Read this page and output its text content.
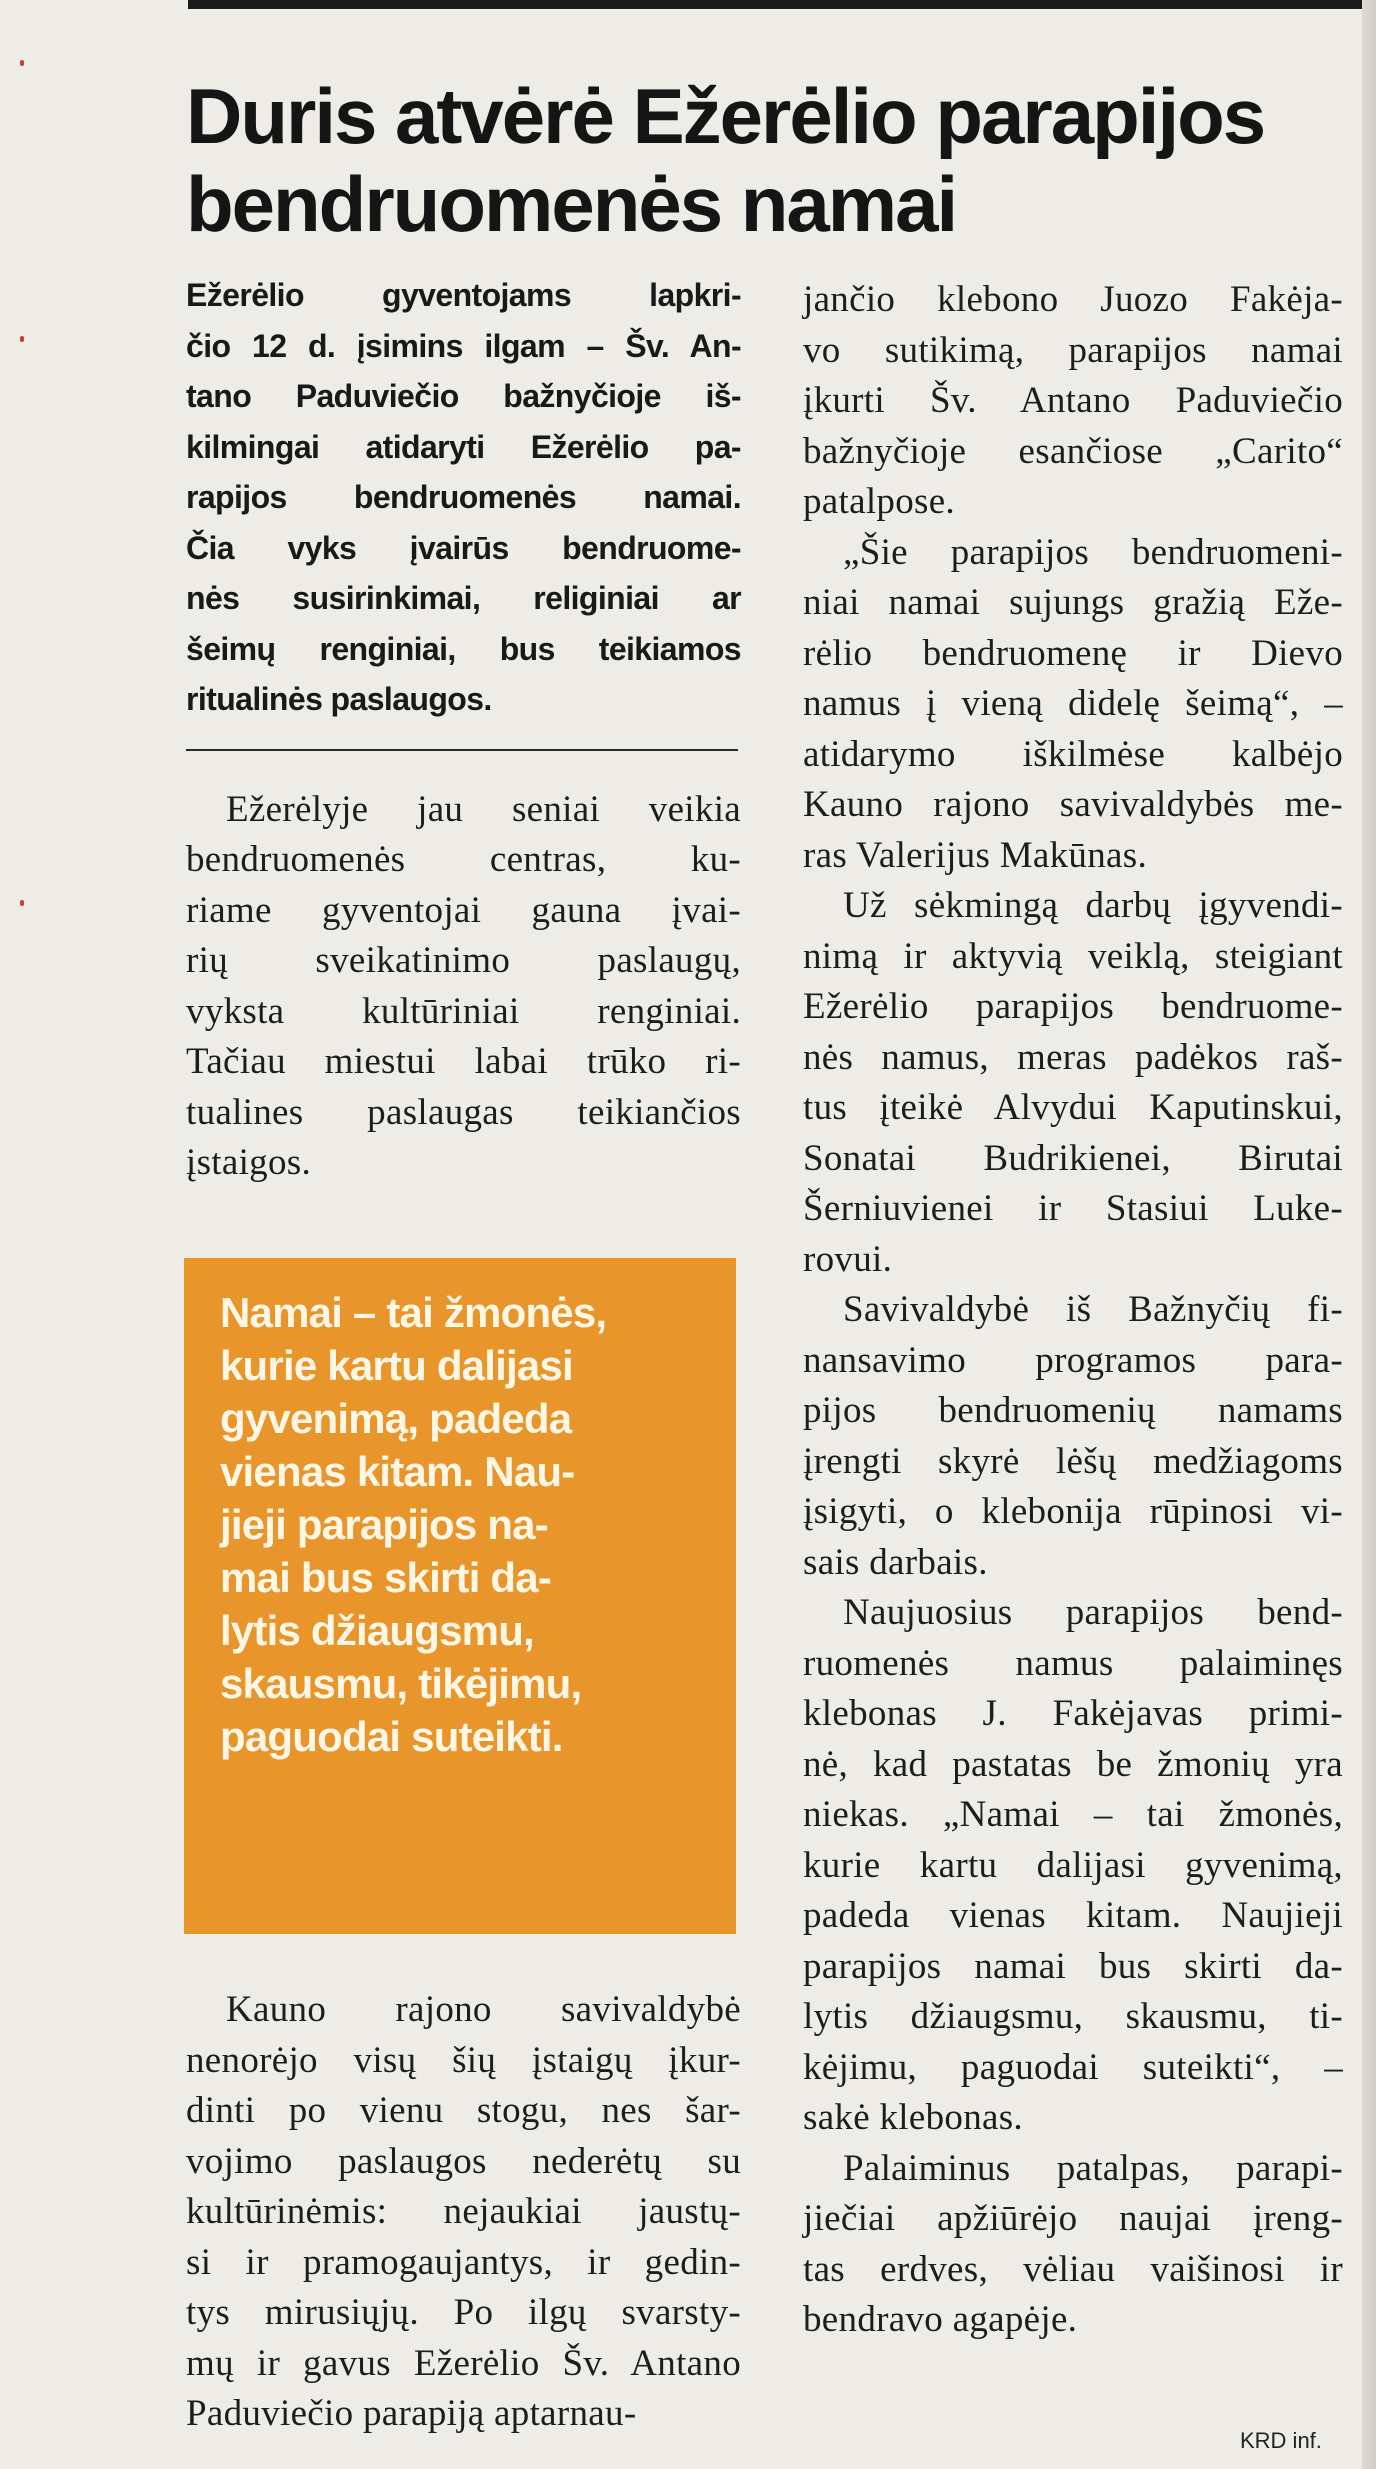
Duris atvėrė Ežerėlio parapijos
bendruomenės namai
Ežerėlio gyventojams lapkri-
čio 12 d. įsimins ilgam – Šv. An-
tano Paduviečio bažnyčioje iš-
kilmingai atidaryti Ežerėlio pa-
rapijos bendruomenės namai.
Čia vyks įvairūs bendruome-
nės susirinkimai, religiniai ar
šeimų renginiai, bus teikiamos
ritualinės paslaugos.
Ežerėlyje jau seniai veikia
bendruomenės centras, ku-
riame gyventojai gauna įvai-
rių sveikatinimo paslaugų,
vyksta kultūriniai renginiai.
Tačiau miestui labai trūko ri-
tualines paslaugas teikiančios
įstaigos.
Namai – tai žmonės,
kurie kartu dalijasi
gyvenimą, padeda
vienas kitam. Nau-
jieji parapijos na-
mai bus skirti da-
lytis džiaugsmu,
skausmu, tikėjimu,
paguodai suteikti.
Kauno rajono savivaldybė
nenorėjo visų šių įstaigų įkur-
dinti po vienu stogu, nes šar-
vojimo paslaugos nederėtų su
kultūrinėmis: nejaukiai jaustų-
si ir pramogaujantys, ir gedin-
tys mirusiųjų. Po ilgų svarsty-
mų ir gavus Ežerėlio Šv. Antano
Paduviečio parapiją aptarnau-
jančio klebono Juozo Fakėja-
vo sutikimą, parapijos namai
įkurti Šv. Antano Paduviečio
bažnyčioje esančiose „Carito“
patalpose.
„Šie parapijos bendruomeni-
niai namai sujungs gražią Eže-
rėlio bendruomenę ir Dievo
namus į vieną didelę šeimą“, –
atidarymo iškilmėse kalbėjo
Kauno rajono savivaldybės me-
ras Valerijus Makūnas.
Už sėkmingą darbų įgyvendi-
nimą ir aktyvią veiklą, steigiant
Ežerėlio parapijos bendruome-
nės namus, meras padėkos raš-
tus įteikė Alvydui Kaputinskui,
Sonatai Budrikienei, Birutai
Šerniuvienei ir Stasiui Luke-
rovui.
Savivaldybė iš Bažnyčių fi-
nansavimo programos para-
pijos bendruomenių namams
įrengti skyrė lėšų medžiagoms
įsigyti, o klebonija rūpinosi vi-
sais darbais.
Naujuosius parapijos bend-
ruomenės namus palaiminęs
klebonas J. Fakėjavas primi-
nė, kad pastatas be žmonių yra
niekas. „Namai – tai žmonės,
kurie kartu dalijasi gyvenimą,
padeda vienas kitam. Naujieji
parapijos namai bus skirti da-
lytis džiaugsmu, skausmu, ti-
kėjimu, paguodai suteikti“, –
sakė klebonas.
Palaiminus patalpas, parapi-
jiečiai apžiūrėjo naujai įreng-
tas erdves, vėliau vaišinosi ir
bendravo agapėje.
KRD inf.
